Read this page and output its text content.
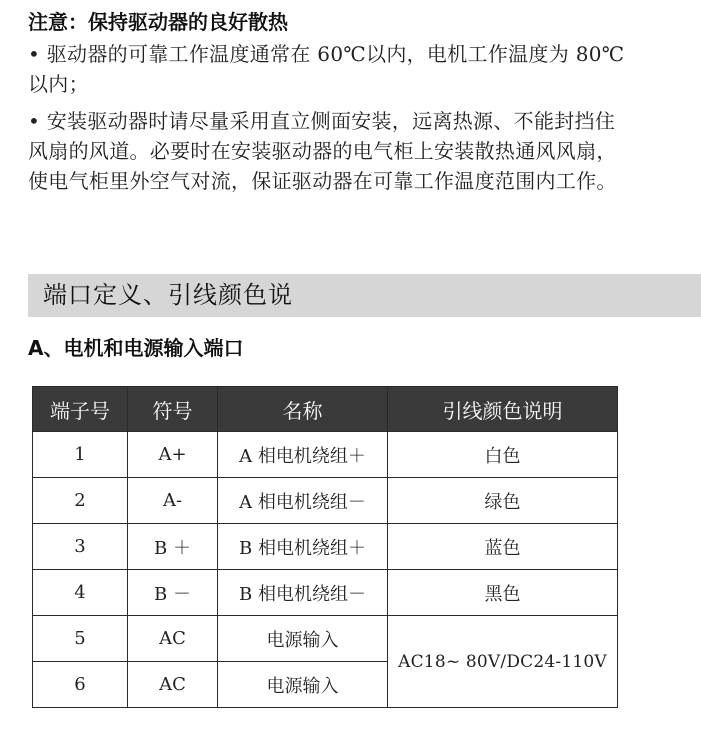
注意：保持驱动器的良好散热

• 驱动器的可靠工作温度通常在 60℃以内，电机工作温度为 80℃以内；

• 安装驱动器时请尽量采用直立侧面安装，远离热源、不能封挡住风扇的风道。必要时在安装驱动器的电气柜上安装散热通风风扇，使电气柜里外空气对流，保证驱动器在可靠工作温度范围内工作。

端口定义、引线颜色说
A、电机和电源输入端口
端子号	符号	名称	引线颜色说明
1	A+	A 相电机绕组＋	白色
2	A-	A 相电机绕组－	绿色
3	B ＋	B 相电机绕组＋	蓝色
4	B －	B 相电机绕组－	黑色
5	AC	电源输入	AC18~ 80V/DC24-110V
6	AC	电源输入	
